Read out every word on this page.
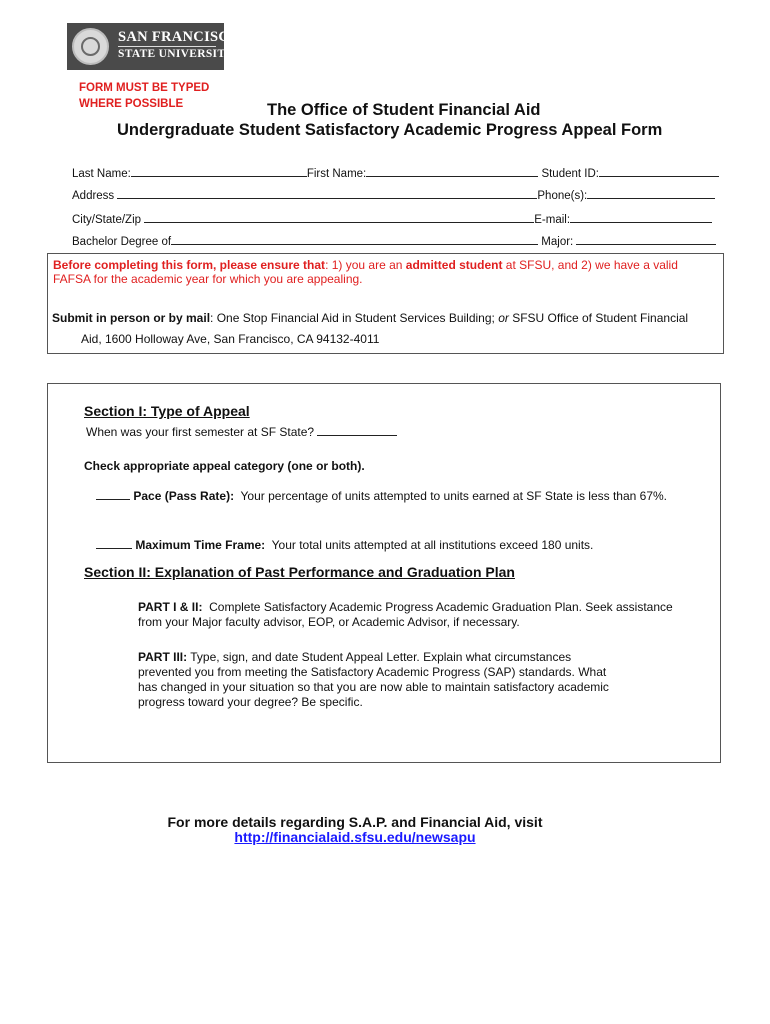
SAN FRANCISCO
STATE UNIVERSITY
FORM MUST BE TYPED
WHERE POSSIBLE	The Office of Student Financial Aid
Undergraduate Student Satisfactory Academic Progress Appeal Form
Last Name:	First Name:	Student ID:
Address	Phone(s):
City/State/Zip	E-mail:
Bachelor Degree of	Major:
Before completing this form, please ensure that: 1) you are an admitted student at SFSU, and 2) we have a valid
FAFSA for the academic year for which you are appealing.
Submit in person or by mail: One Stop Financial Aid in Student Services Building; or SFSU Office of Student Financial
Aid, 1600 Holloway Ave, San Francisco, CA 94132-4011
Section I: Type of Appeal
When was your first semester at SF State?
Check appropriate appeal category (one or both).
Pace (Pass Rate): Your percentage of units attempted to units earned at SF State is less than 67%.
Maximum Time Frame: Your total units attempted at all institutions exceed 180 units.
Section II: Explanation of Past Performance and Graduation Plan
PART I & II: Complete Satisfactory Academic Progress Academic Graduation Plan. Seek assistance
from your Major faculty advisor, EOP, or Academic Advisor, if necessary.
PART III: Type, sign, and date Student Appeal Letter. Explain what circumstances
prevented you from meeting the Satisfactory Academic Progress (SAP) standards. What
has changed in your situation so that you are now able to maintain satisfactory academic
progress toward your degree? Be specific.
For more details regarding S.A.P. and Financial Aid, visit
http://financialaid.sfsu.edu/newsapu
